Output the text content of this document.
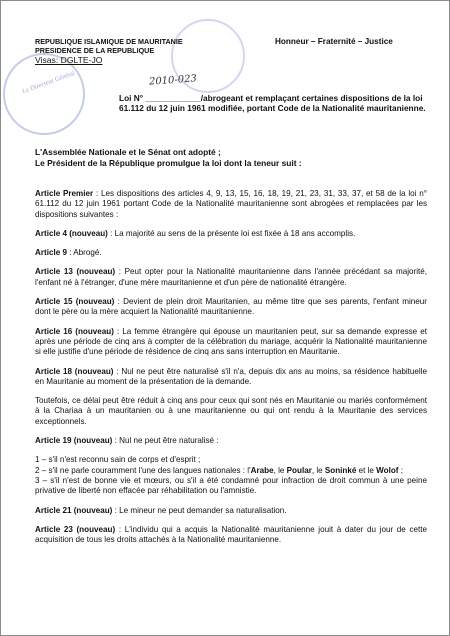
Le Directeur Général
REPUBLIQUE ISLAMIQUE DE MAURITANIE
PRESIDENCE DE LA REPUBLIQUE
Visas: DGLTE-JO
Honneur – Fraternité – Justice
2010-023
Loi N° ____________/abrogeant et remplaçant certaines dispositions de la loi 61.112 du 12 juin 1961 modifiée, portant Code de la Nationalité mauritanienne.
L'Assemblée Nationale et le Sénat ont adopté ;
Le Président de la République promulgue la loi dont la teneur suit :

Article Premier : Les dispositions des articles 4, 9, 13, 15, 16, 18, 19, 21, 23, 31, 33, 37, et 58 de la loi n° 61.112 du 12 juin 1961 portant Code de la Nationalité mauritanienne sont abrogées et remplacées par les dispositions suivantes :

Article 4 (nouveau) : La majorité au sens de la présente loi est fixée à 18 ans accomplis.

Article 9 : Abrogé.

Article 13 (nouveau) : Peut opter pour la Nationalité mauritanienne dans l'année précédant sa majorité, l'enfant né à l'étranger, d'une mère mauritanienne et d'un père de nationalité étrangère.

Article 15 (nouveau) : Devient de plein droit Mauritanien, au même titre que ses parents, l'enfant mineur dont le père ou la mère acquiert la Nationalité mauritanienne.

Article 16 (nouveau) : La femme étrangère qui épouse un mauritanien peut, sur sa demande expresse et après une période de cinq ans à compter de la célébration du mariage, acquérir la Nationalité mauritanienne si elle justifie d'une période de résidence de cinq ans sans interruption en Mauritanie.

Article 18 (nouveau) : Nul ne peut être naturalisé s'il n'a, depuis dix ans au moins, sa résidence habituelle en Mauritanie au moment de la présentation de la demande.

Toutefois, ce délai peut être réduit à cinq ans pour ceux qui sont nés en Mauritanie ou mariés conformément à la Chariaa à un mauritanien ou à une mauritanienne ou qui ont rendu à la Mauritanie des services exceptionnels.

Article 19 (nouveau) : Nul ne peut être naturalisé :

1 – s'il n'est reconnu sain de corps et d'esprit ;
2 – s'il ne parle couramment l'une des langues nationales : l'Arabe, le Poular, le Soninké et le Wolof ;
3 – s'il n'est de bonne vie et mœurs, ou s'il a été condamné pour infraction de droit commun à une peine privative de liberté non effacée par réhabilitation ou l'amnistie.

Article 21 (nouveau) : Le mineur ne peut demander sa naturalisation.

Article 23 (nouveau) : L'individu qui a acquis la Nationalité mauritanienne jouit à dater du jour de cette acquisition de tous les droits attachés à la Nationalité mauritanienne.
